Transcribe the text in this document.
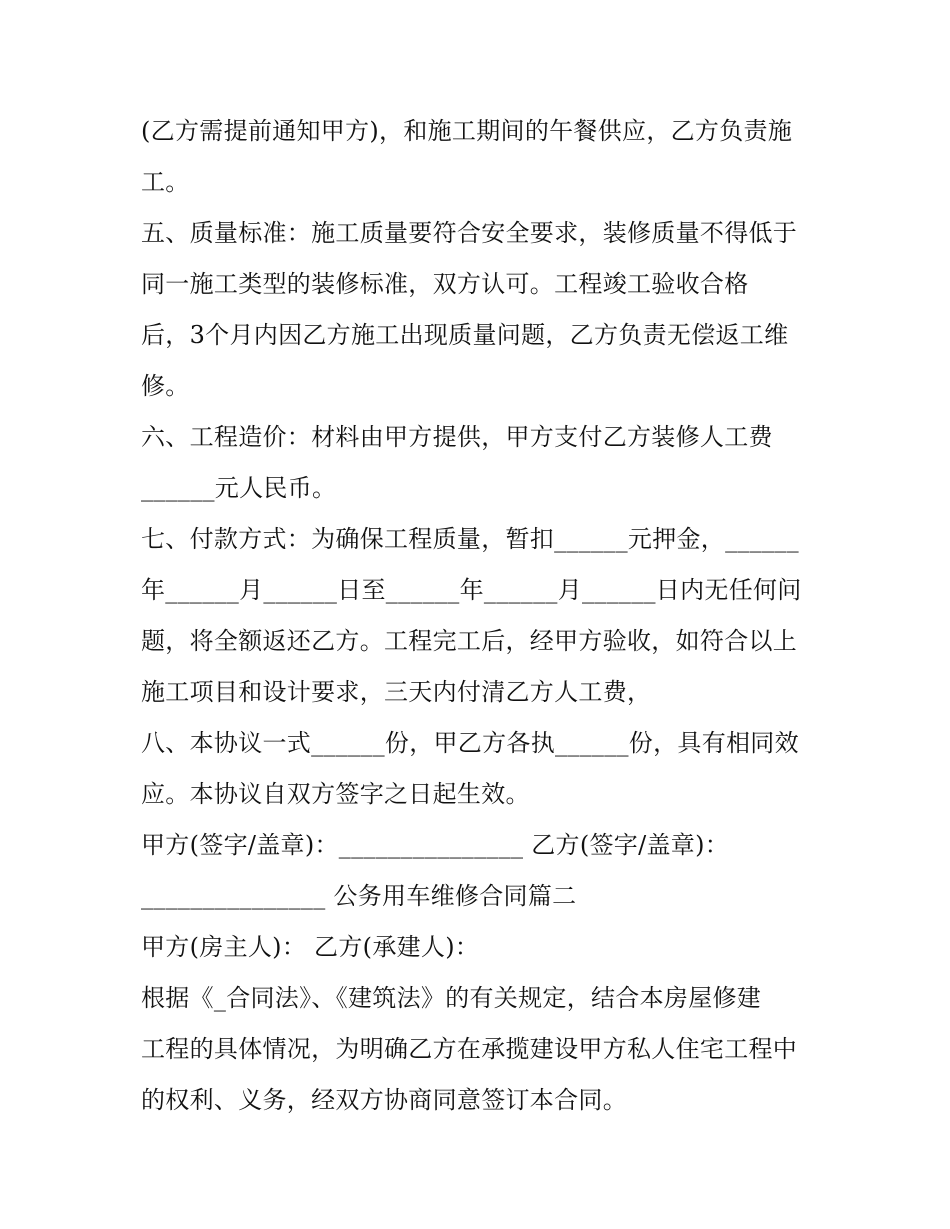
(乙方需提前通知甲方)，和施工期间的午餐供应，乙方负责施
工。
五、质量标准：施工质量要符合安全要求，装修质量不得低于
同一施工类型的装修标准，双方认可。工程竣工验收合格
后，3个月内因乙方施工出现质量问题，乙方负责无偿返工维
修。
六、工程造价：材料由甲方提供，甲方支付乙方装修人工费
______元人民币。
七、付款方式：为确保工程质量，暂扣______元押金，______
年______月______日至______年______月______日内无任何问
题，将全额返还乙方。工程完工后，经甲方验收，如符合以上
施工项目和设计要求，三天内付清乙方人工费，
八、本协议一式______份，甲乙方各执______份，具有相同效
应。本协议自双方签字之日起生效。
甲方(签字/盖章)：_______________ 乙方(签字/盖章)：
_______________ 公务用车维修合同篇二
甲方(房主人)： 乙方(承建人)：
根据《_合同法》、《建筑法》的有关规定，结合本房屋修建
工程的具体情况，为明确乙方在承揽建设甲方私人住宅工程中
的权利、义务，经双方协商同意签订本合同。
